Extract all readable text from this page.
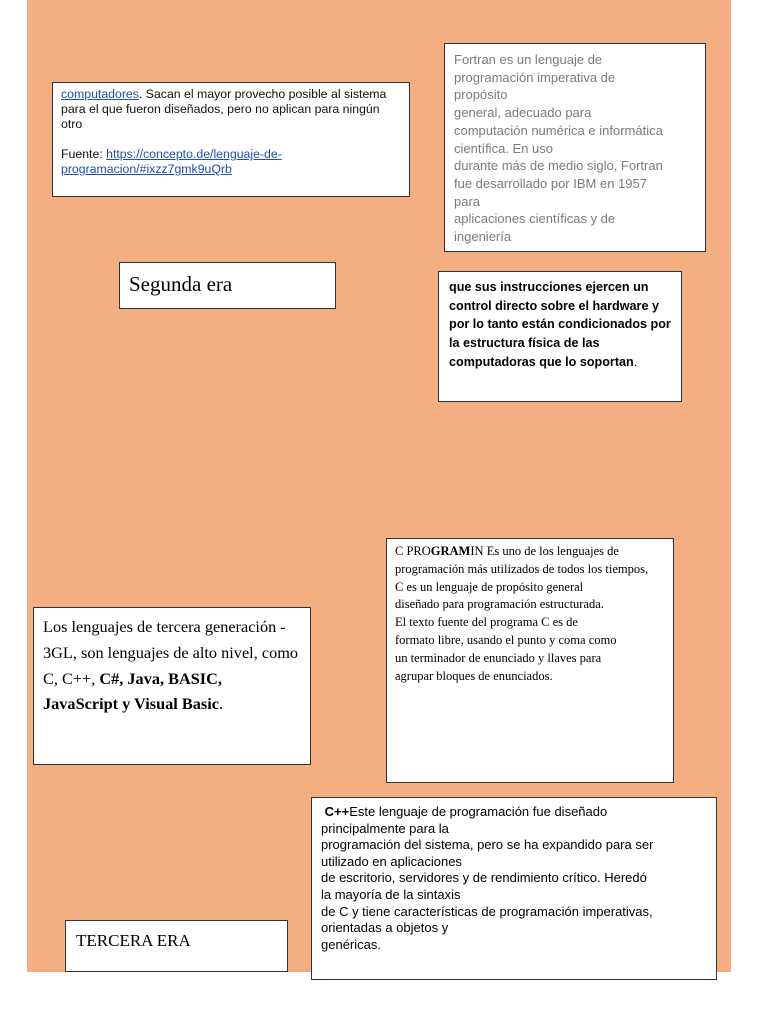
computadores. Sacan el mayor provecho posible al sistema para el que fueron diseñados, pero no aplican para ningún otro

Fuente: https://concepto.de/lenguaje-de-programacion/#ixzz7gmk9uQrb

Fortran es un lenguaje de
programación imperativa de
propósito
general, adecuado para
computación numérica e informática
científica. En uso
durante más de medio siglo, Fortran
fue desarrollado por IBM en 1957
para
aplicaciones científicas y de
ingeniería
Segunda era	que sus instrucciones ejercen un control directo sobre el hardware y por lo tanto están condicionados por la estructura física de las computadoras que lo soportan.

C PROGRAMIN Es uno de los lenguajes de programación más utilizados de todos los tiempos,

C es un lenguaje de propósito general
diseñado para programación estructurada.
El texto fuente del programa C es de
formato libre, usando el punto y coma como
un terminador de enunciado y llaves para
agrupar bloques de enunciados.
Los lenguajes de tercera generación - 3GL, son lenguajes de alto nivel, como C, C++, C#, Java, BASIC, JavaScript y Visual Basic.
C++Este lenguaje de programación fue diseñado
principalmente para la
programación del sistema, pero se ha expandido para ser
utilizado en aplicaciones
de escritorio, servidores y de rendimiento crítico. Heredó
la mayoría de la sintaxis
de C y tiene características de programación imperativas,
orientadas a objetos y
genéricas.
TERCERA ERA
